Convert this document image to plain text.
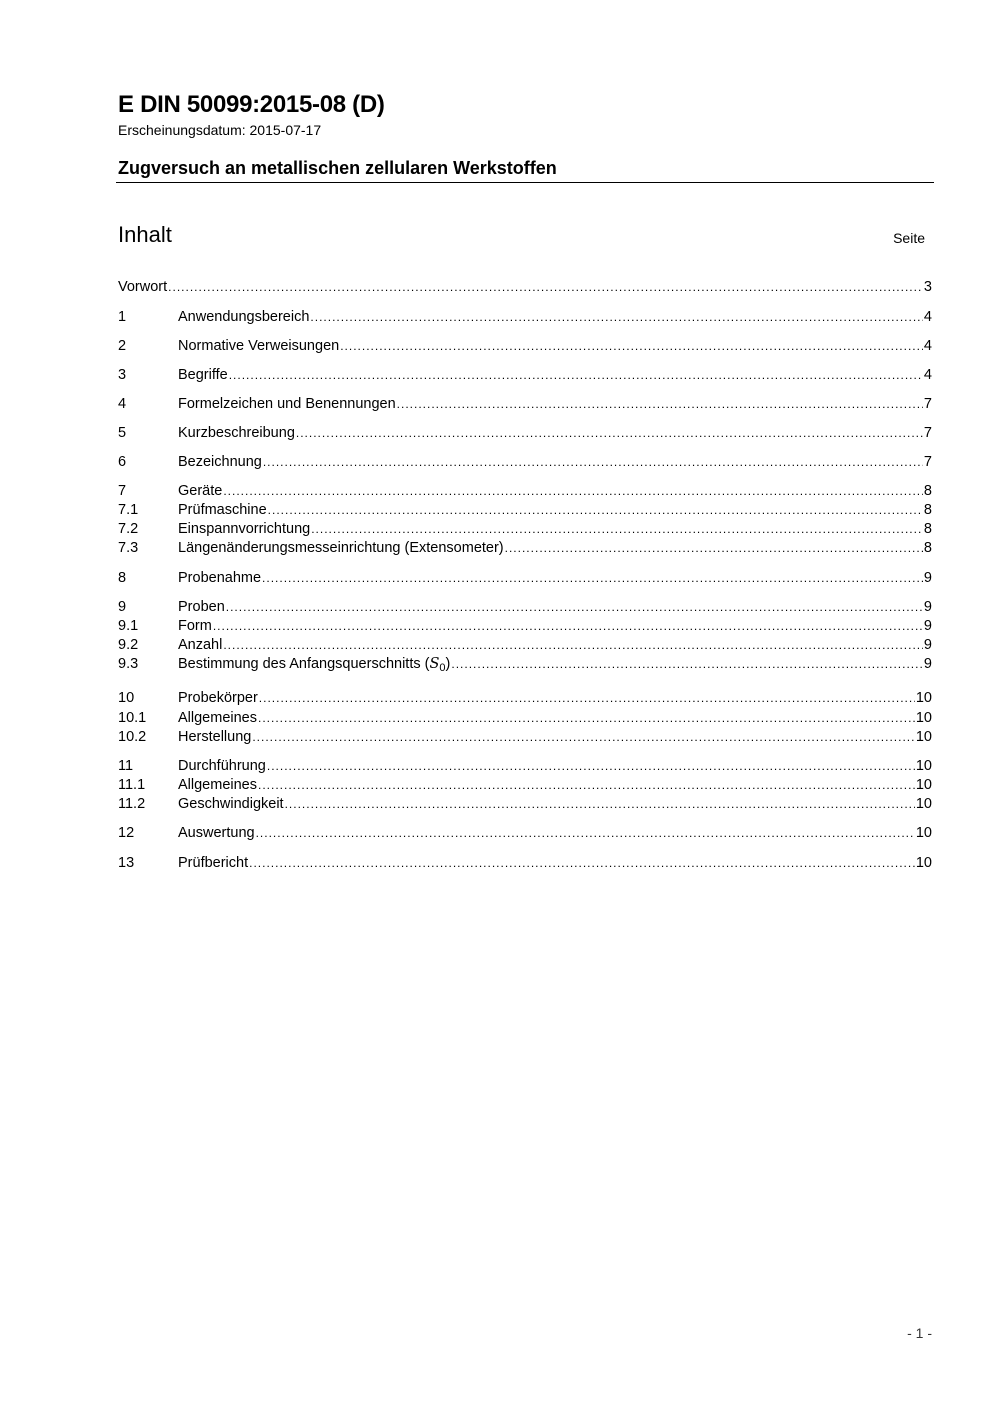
E DIN 50099:2015-08 (D)
Erscheinungsdatum: 2015-07-17
Zugversuch an metallischen zellularen Werkstoffen
Inhalt	Seite
Vorwort .....	3
1	Anwendungsbereich .....	4
2	Normative Verweisungen .....	4
3	Begriffe .....	4
4	Formelzeichen und Benennungen .....	7
5	Kurzbeschreibung .....	7
6	Bezeichnung .....	7
7	Geräte .....	8
7.1	Prüfmaschine .....	8
7.2	Einspannvorrichtung .....	8
7.3	Längenänderungsmesseinrichtung (Extensometer) .....	8
8	Probenahme .....	9
9	Proben .....	9
9.1	Form .....	9
9.2	Anzahl .....	9
9.3	Bestimmung des Anfangsquerschnitts $(S_0)$ .....	9
10	Probekörper .....	10
10.1	Allgemeines .....	10
10.2	Herstellung .....	10
11	Durchführung .....	10
11.1	Allgemeines .....	10
11.2	Geschwindigkeit .....	10
12	Auswertung .....	10
13	Prüfbericht .....	10
- 1 -
